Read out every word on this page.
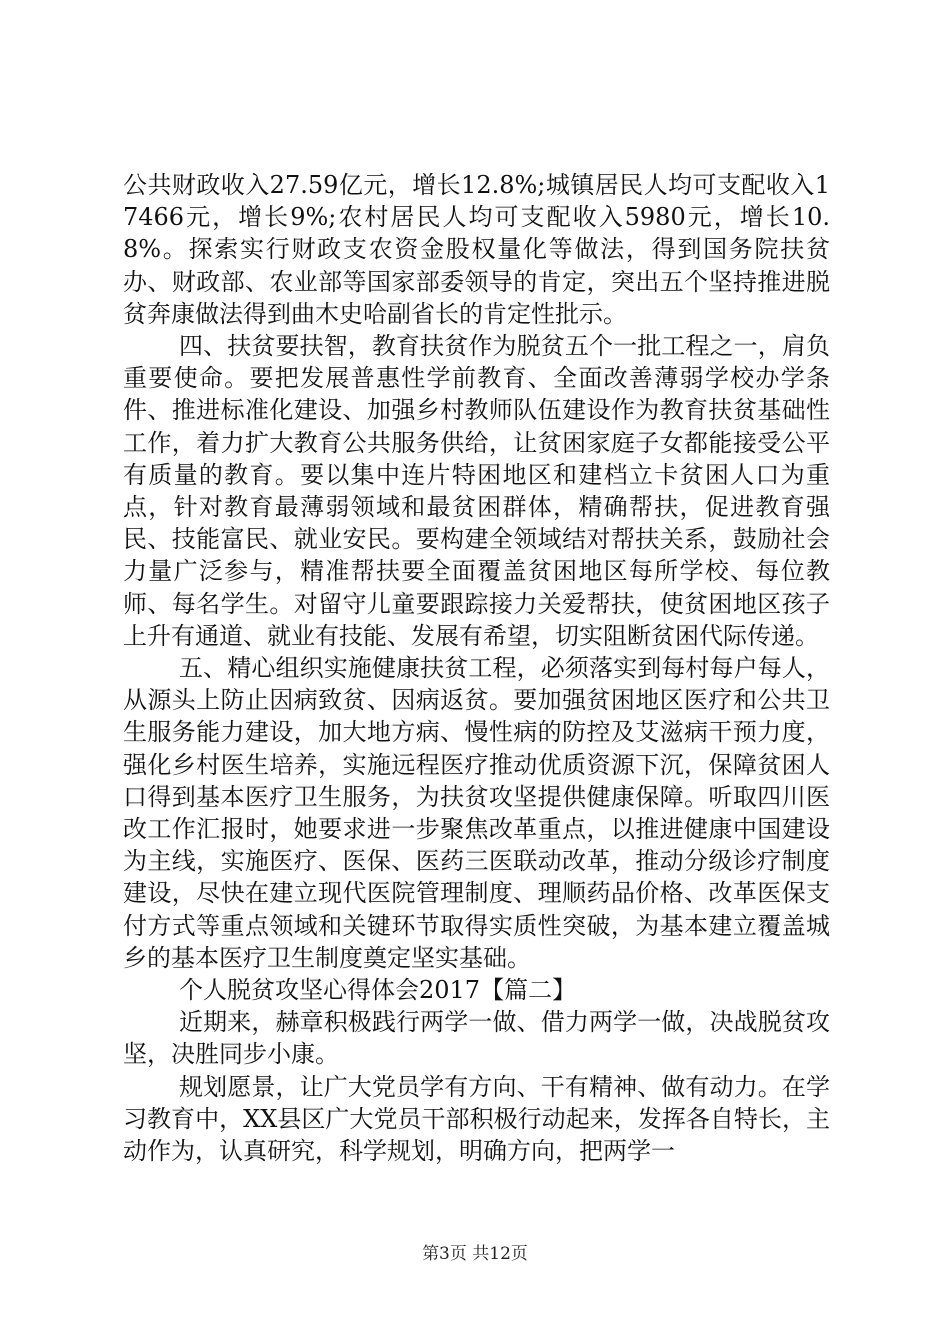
公共财政收入27.59亿元，增长12.8%;城镇居民人均可支配收入17466元，增长9%;农村居民人均可支配收入5980元，增长10.8%。探索实行财政支农资金股权量化等做法，得到国务院扶贫办、财政部、农业部等国家部委领导的肯定，突出五个坚持推进脱贫奔康做法得到曲木史哈副省长的肯定性批示。

四、扶贫要扶智，教育扶贫作为脱贫五个一批工程之一，肩负重要使命。要把发展普惠性学前教育、全面改善薄弱学校办学条件、推进标准化建设、加强乡村教师队伍建设作为教育扶贫基础性工作，着力扩大教育公共服务供给，让贫困家庭子女都能接受公平有质量的教育。要以集中连片特困地区和建档立卡贫困人口为重点，针对教育最薄弱领域和最贫困群体，精确帮扶，促进教育强民、技能富民、就业安民。要构建全领域结对帮扶关系，鼓励社会力量广泛参与，精准帮扶要全面覆盖贫困地区每所学校、每位教师、每名学生。对留守儿童要跟踪接力关爱帮扶，使贫困地区孩子上升有通道、就业有技能、发展有希望，切实阻断贫困代际传递。

五、精心组织实施健康扶贫工程，必须落实到每村每户每人，从源头上防止因病致贫、因病返贫。要加强贫困地区医疗和公共卫生服务能力建设，加大地方病、慢性病的防控及艾滋病干预力度，强化乡村医生培养，实施远程医疗推动优质资源下沉，保障贫困人口得到基本医疗卫生服务，为扶贫攻坚提供健康保障。听取四川医改工作汇报时，她要求进一步聚焦改革重点，以推进健康中国建设为主线，实施医疗、医保、医药三医联动改革，推动分级诊疗制度建设，尽快在建立现代医院管理制度、理顺药品价格、改革医保支付方式等重点领域和关键环节取得实质性突破，为基本建立覆盖城乡的基本医疗卫生制度奠定坚实基础。

个人脱贫攻坚心得体会2017【篇二】

近期来，赫章积极践行两学一做、借力两学一做，决战脱贫攻坚，决胜同步小康。

规划愿景，让广大党员学有方向、干有精神、做有动力。在学习教育中，XX县区广大党员干部积极行动起来，发挥各自特长，主动作为，认真研究，科学规划，明确方向，把两学一

第3页 共12页
